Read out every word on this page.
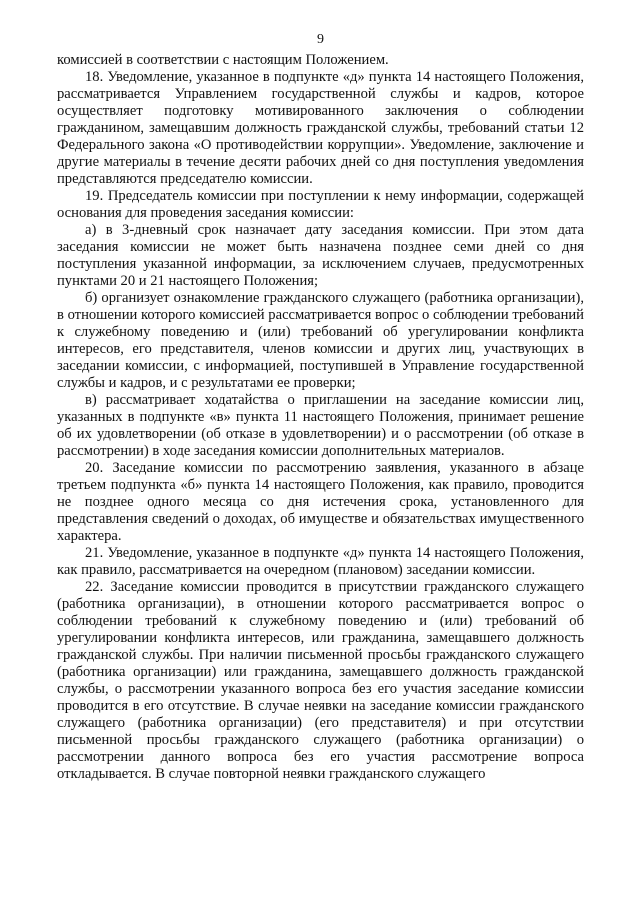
9

комиссией в соответствии с настоящим Положением.

18. Уведомление, указанное в подпункте «д» пункта 14 настоящего Положения, рассматривается Управлением государственной службы и кадров, которое осуществляет подготовку мотивированного заключения о соблюдении гражданином, замещавшим должность гражданской службы, требований статьи 12 Федерального закона «О противодействии коррупции». Уведомление, заключение и другие материалы в течение десяти рабочих дней со дня поступления уведомления представляются председателю комиссии.

19. Председатель комиссии при поступлении к нему информации, содержащей основания для проведения заседания комиссии:

а) в 3-дневный срок назначает дату заседания комиссии. При этом дата заседания комиссии не может быть назначена позднее семи дней со дня поступления указанной информации, за исключением случаев, предусмотренных пунктами 20 и 21 настоящего Положения;

б) организует ознакомление гражданского служащего (работника организации), в отношении которого комиссией рассматривается вопрос о соблюдении требований к служебному поведению и (или) требований об урегулировании конфликта интересов, его представителя, членов комиссии и других лиц, участвующих в заседании комиссии, с информацией, поступившей в Управление государственной службы и кадров, и с результатами ее проверки;

в) рассматривает ходатайства о приглашении на заседание комиссии лиц, указанных в подпункте «в» пункта 11 настоящего Положения, принимает решение об их удовлетворении (об отказе в удовлетворении) и о рассмотрении (об отказе в рассмотрении) в ходе заседания комиссии дополнительных материалов.

20. Заседание комиссии по рассмотрению заявления, указанного в абзаце третьем подпункта «б» пункта 14 настоящего Положения, как правило, проводится не позднее одного месяца со дня истечения срока, установленного для представления сведений о доходах, об имуществе и обязательствах имущественного характера.

21. Уведомление, указанное в подпункте «д» пункта 14 настоящего Положения, как правило, рассматривается на очередном (плановом) заседании комиссии.

22. Заседание комиссии проводится в присутствии гражданского служащего (работника организации), в отношении которого рассматривается вопрос о соблюдении требований к служебному поведению и (или) требований об урегулировании конфликта интересов, или гражданина, замещавшего должность гражданской службы. При наличии письменной просьбы гражданского служащего (работника организации) или гражданина, замещавшего должность гражданской службы, о рассмотрении указанного вопроса без его участия заседание комиссии проводится в его отсутствие. В случае неявки на заседание комиссии гражданского служащего (работника организации) (его представителя) и при отсутствии письменной просьбы гражданского служащего (работника организации) о рассмотрении данного вопроса без его участия рассмотрение вопроса откладывается. В случае повторной неявки гражданского служащего
